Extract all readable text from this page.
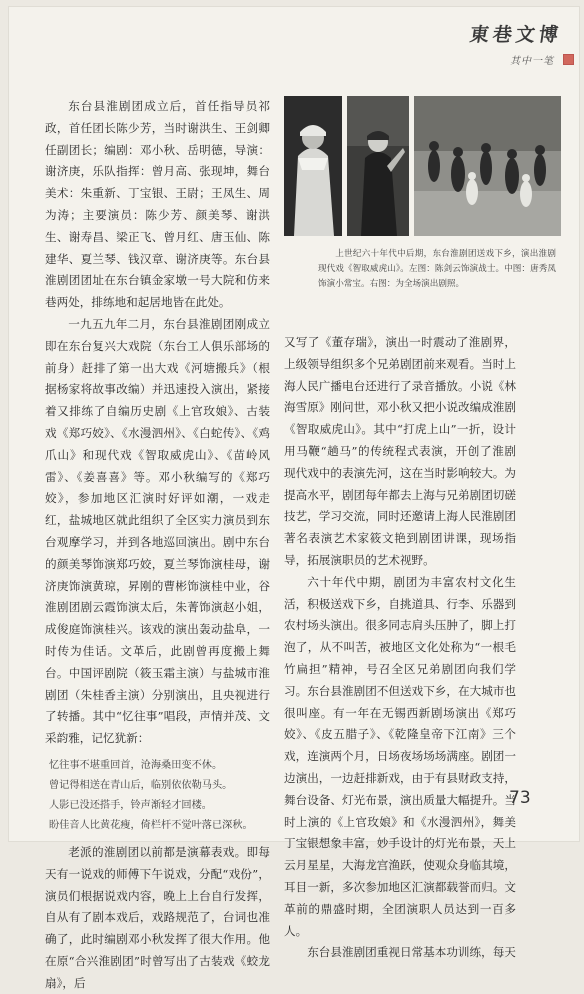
東巷文博
其中一笔

东台县淮剧团成立后，首任指导员祁政，首任团长陈少芳，当时谢洪生、王剑卿任副团长；编剧：邓小秋、岳明德，导演：谢济庚，乐队指挥：曾月高、张现坤，舞台美术：朱重新、丁宝银、王尉；王凤生、周为涛；主要演员：陈少芳、颜美琴、谢洪生、谢寿昌、梁正飞、曾月红、唐玉仙、陈建华、夏兰琴、钱汉章、谢济庚等。东台县淮剧团团址在东台镇金家墩一号大院和仿来巷两处，排练地和起居地皆在此处。

一九五九年二月，东台县淮剧团刚成立即在东台复兴大戏院（东台工人俱乐部场的前身）赶排了第一出大戏《河塘搬兵》（根据杨家将故事改编）并迅速投入演出，紧接着又排练了自编历史剧《上官玫娘》、古装戏《郑巧姣》、《水漫泗州》、《白蛇传》、《鸡爪山》和现代戏《智取威虎山》、《苗岭风雷》、《姜喜喜》等。邓小秋编写的《郑巧姣》，参加地区汇演时好评如潮，一戏走红，盐城地区就此组织了全区实力演员到东台观摩学习，并到各地巡回演出。剧中东台的颜美琴饰演郑巧姣，夏兰琴饰演桂母，谢济庚饰演黄琼，昇刚的曹彬饰演桂中业，谷淮剧团剧云霞饰演太后，朱菁饰演赵小姐，成俊庭饰演桂兴。该戏的演出轰动盐阜，一时传为佳话。文革后，此剧曾再度搬上舞台。中国评剧院（筱玉霜主演）与盐城市淮剧团（朱桂香主演）分别演出，且央视进行了转播。其中“忆往事”唱段，声情并茂、文采韵雅，记忆犹新：

忆往事不堪重回首，沧海桑田变不休。
曾记得相送在青山后，临别依依勒马头。
人影已没还搭手，铃声渐轻才回楼。
盼佳音人比黄花瘦，倚栏杆不觉叶落已深秋。

老派的淮剧团以前都是演幕表戏。即每天有一说戏的师傅下午说戏，分配“戏份”，演员们根据说戏内容，晚上上台自行发挥，自从有了剧本戏后，戏路规范了，台词也准确了，此时编剧邓小秋发挥了很大作用。他在原“合兴淮剧团”时曾写出了古装戏《蛟龙扇》，后

上世纪六十年代中后期，东台淮剧团送戏下乡，演出淮剧现代戏《智取威虎山》。左图：陈剑云饰演战士。中图：唐秀凤饰演小常宝。右图：为全场演出剧照。

又写了《董存瑞》，演出一时震动了淮剧界，上级领导组织多个兄弟剧团前来观看。当时上海人民广播电台还进行了录音播放。小说《林海雪原》刚问世，邓小秋又把小说改编成淮剧《智取威虎山》。其中“打虎上山”一折，设计用马鞭“趟马”的传统程式表演，开创了淮剧现代戏中的表演先河，这在当时影响较大。为提高水平，剧团每年都去上海与兄弟剧团切磋技艺，学习交流，同时还邀请上海人民淮剧团著名表演艺术家筱文艳到剧团讲课，现场指导，拓展演职员的艺术视野。

六十年代中期，剧团为丰富农村文化生活，积极送戏下乡，自挑道具、行李、乐器到农村场头演出。很多同志肩头压肿了，脚上打泡了，从不叫苦，被地区文化处称为“一根毛竹扁担”精神，号召全区兄弟剧团向我们学习。东台县淮剧团不但送戏下乡，在大城市也很叫座。有一年在无锡西新剧场演出《郑巧姣》、《皮五腊子》、《乾隆皇帝下江南》三个戏，连演两个月，日场夜场场场满座。剧团一边演出，一边赶排新戏，由于有县财政支持，舞台设备、灯光布景，演出质量大幅提升。当时上演的《上官玫娘》和《水漫泗州》，舞美丁宝银想象丰富，妙手设计的灯光布景，天上云月星星，大海龙宫渔跃，使观众身临其境，耳目一新，多次参加地区汇演都载誉而归。文革前的鼎盛时期，全团演职人员达到一百多人。

东台县淮剧团重视日常基本功训练，每天

73
